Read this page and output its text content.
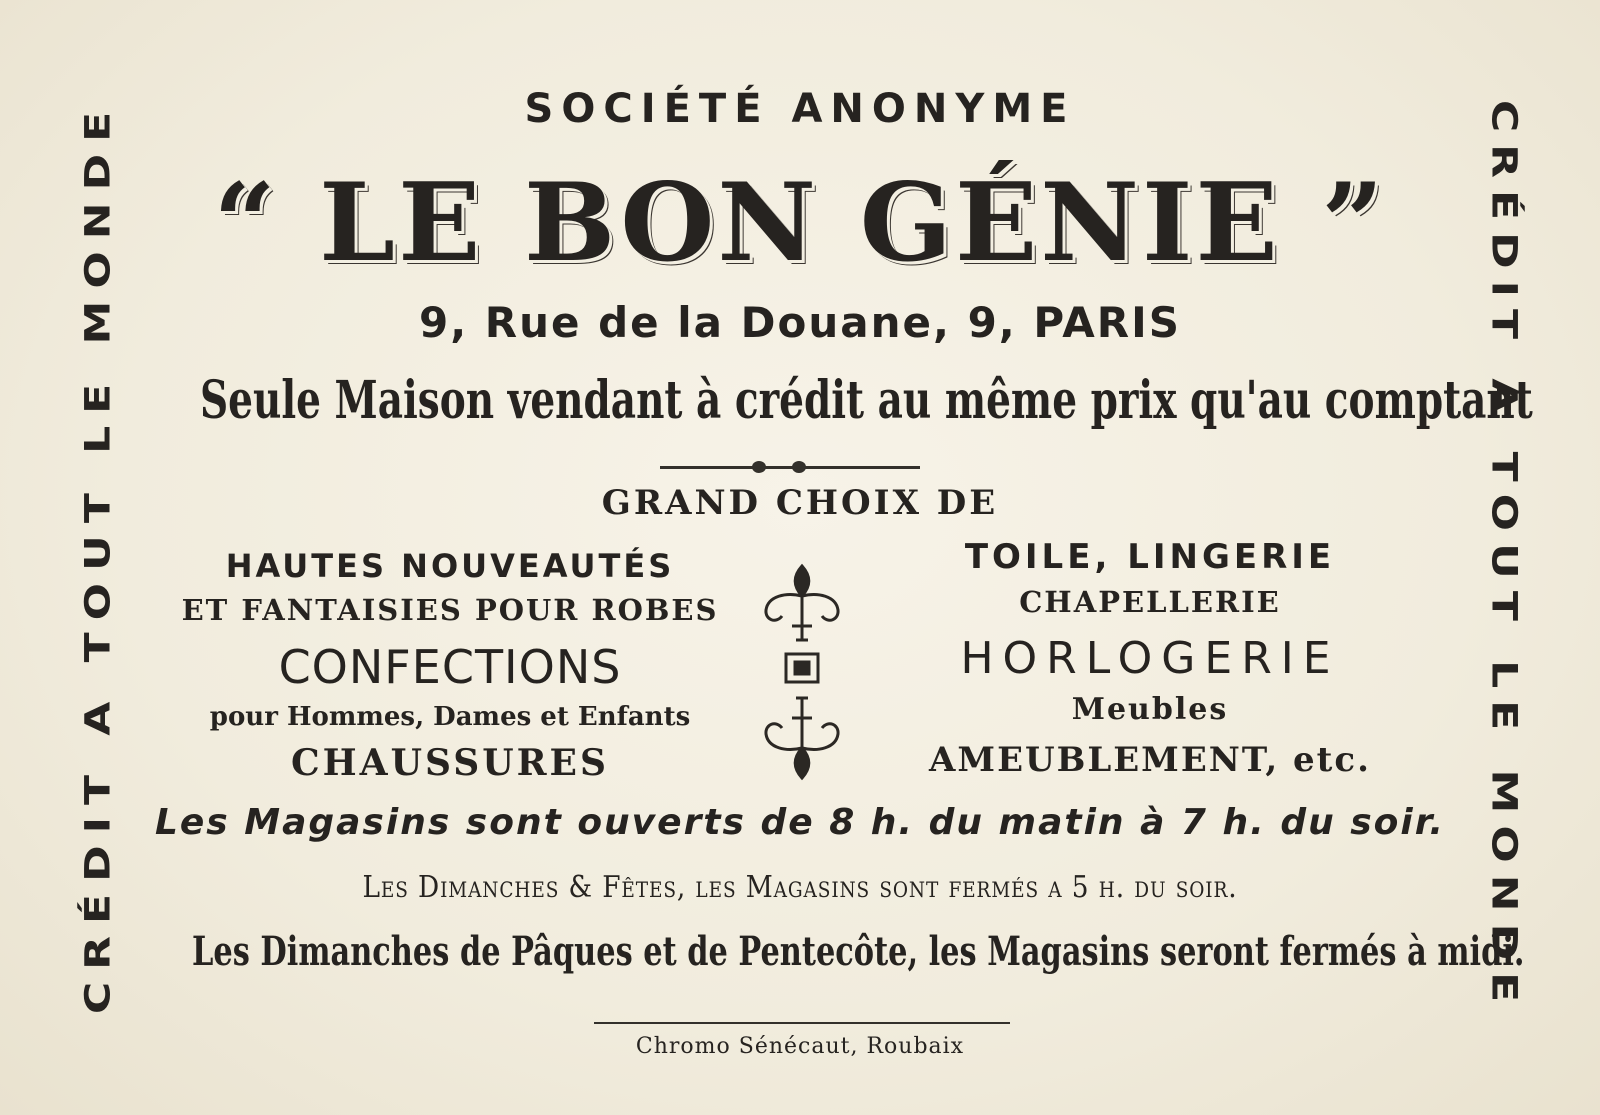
CRÉDIT A TOUT LE MONDE	CRÉDIT A TOUT LE MONDE
SOCIÉTÉ ANONYME
“ LE BON GÉNIE ”
9, Rue de la Douane, 9, PARIS
Seule Maison vendant à crédit au même prix qu'au comptant
GRAND CHOIX DE
HAUTES NOUVEAUTÉS
ET FANTAISIES POUR ROBES
CONFECTIONS
pour Hommes, Dames et Enfants
CHAUSSURES
TOILE, LINGERIE
CHAPELLERIE
HORLOGERIE
Meubles
AMEUBLEMENT, etc.
Les Magasins sont ouverts de 8 h. du matin à 7 h. du soir.
Les Dimanches & Fêtes, les Magasins sont fermés a 5 h. du soir.
Les Dimanches de Pâques et de Pentecôte, les Magasins seront fermés à midi.
Chromo Sénécaut, Roubaix
